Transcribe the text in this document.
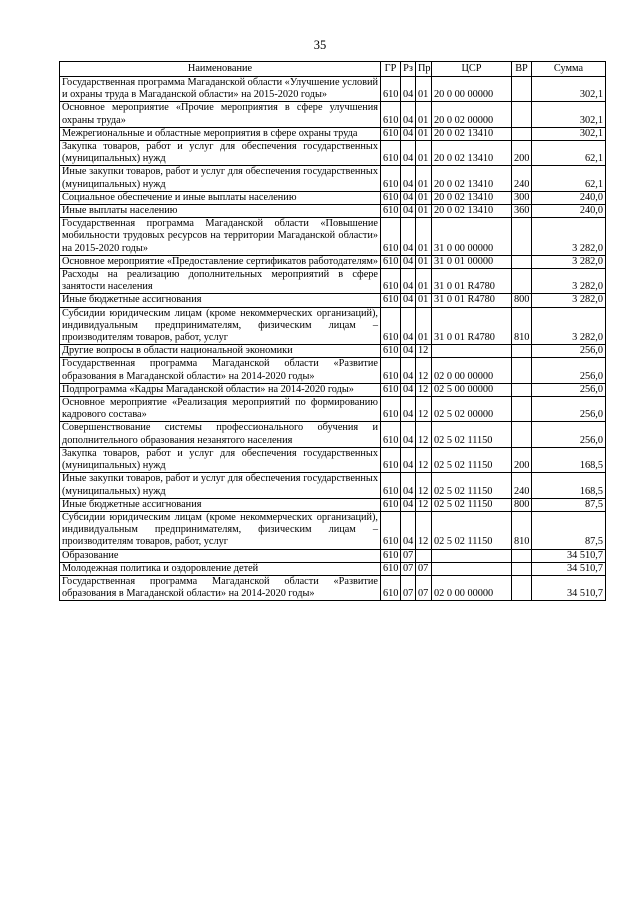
35
Наименование	ГР	Рз	Пр	ЦСР	ВР	Сумма
Государственная программа Магаданской области «Улучшение условий и охраны труда в Магаданской области» на 2015-2020 годы»	610	04	01	20 0 00 00000		302,1
Основное мероприятие «Прочие мероприятия в сфере улучшения охраны труда»	610	04	01	20 0 02 00000		302,1
Межрегиональные и областные мероприятия в сфере охраны труда	610	04	01	20 0 02 13410		302,1
Закупка товаров, работ и услуг для обеспечения государственных (муниципальных) нужд	610	04	01	20 0 02 13410	200	62,1
Иные закупки товаров, работ и услуг для обеспечения государственных (муниципальных) нужд	610	04	01	20 0 02 13410	240	62,1
Социальное обеспечение и иные выплаты населению	610	04	01	20 0 02 13410	300	240,0
Иные выплаты населению	610	04	01	20 0 02 13410	360	240,0
Государственная программа Магаданской области «Повышение мобильности трудовых ресурсов на территории Магаданской области» на 2015-2020 годы»	610	04	01	31 0 00 00000		3 282,0
Основное мероприятие «Предоставление сертификатов работодателям»	610	04	01	31 0 01 00000		3 282,0
Расходы на реализацию дополнительных мероприятий в сфере занятости населения	610	04	01	31 0 01 R4780		3 282,0
Иные бюджетные ассигнования	610	04	01	31 0 01 R4780	800	3 282,0
Субсидии юридическим лицам (кроме некоммерческих организаций), индивидуальным предпринимателям, физическим лицам – производителям товаров, работ, услуг	610	04	01	31 0 01 R4780	810	3 282,0
Другие вопросы в области национальной экономики	610	04	12			256,0
Государственная программа Магаданской области «Развитие образования в Магаданской области» на 2014-2020 годы»	610	04	12	02 0 00 00000		256,0
Подпрограмма «Кадры Магаданской области» на 2014-2020 годы»	610	04	12	02 5 00 00000		256,0
Основное мероприятие «Реализация мероприятий по формированию кадрового состава»	610	04	12	02 5 02 00000		256,0
Совершенствование системы профессионального обучения и дополнительного образования незанятого населения	610	04	12	02 5 02 11150		256,0
Закупка товаров, работ и услуг для обеспечения государственных (муниципальных) нужд	610	04	12	02 5 02 11150	200	168,5
Иные закупки товаров, работ и услуг для обеспечения государственных (муниципальных) нужд	610	04	12	02 5 02 11150	240	168,5
Иные бюджетные ассигнования	610	04	12	02 5 02 11150	800	87,5
Субсидии юридическим лицам (кроме некоммерческих организаций), индивидуальным предпринимателям, физическим лицам – производителям товаров, работ, услуг	610	04	12	02 5 02 11150	810	87,5
Образование	610	07				34 510,7
Молодежная политика и оздоровление детей	610	07	07			34 510,7
Государственная программа Магаданской области «Развитие образования в Магаданской области» на 2014-2020 годы»	610	07	07	02 0 00 00000		34 510,7
